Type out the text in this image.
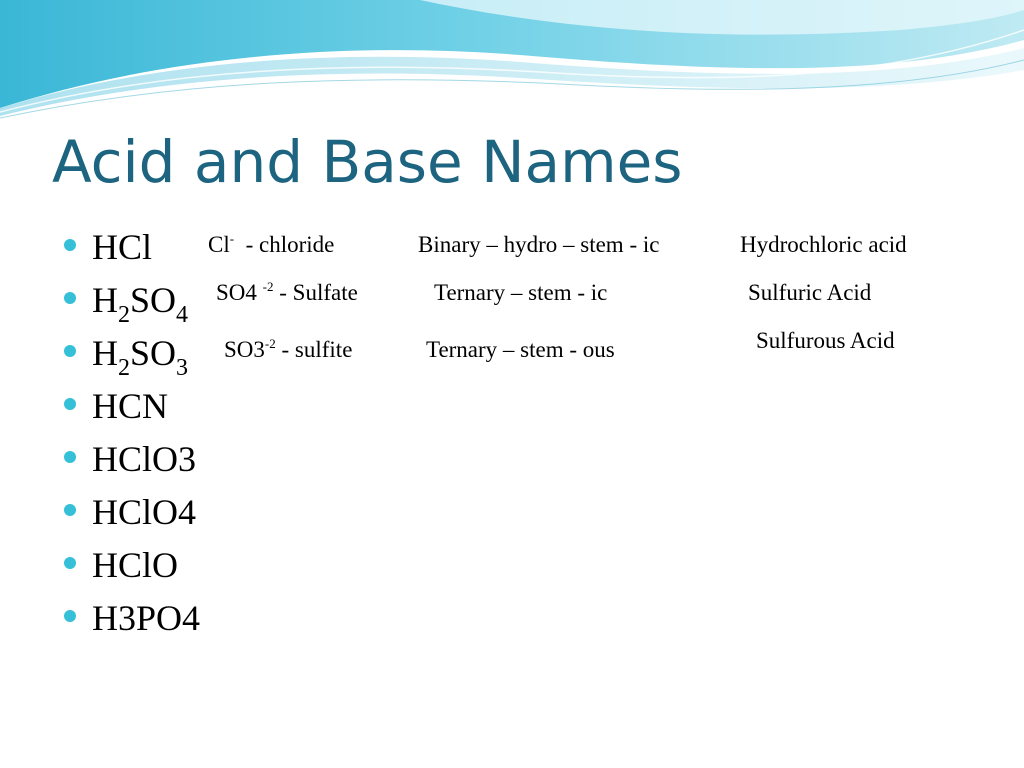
Acid and Base Names
HCl
$H_2SO_4$
$H_2SO_3$
HCN
HClO3
HClO4
HClO
H3PO4
Cl-  - chloride
SO4 $^{-2}$ - Sulfate
$SO3^{-2}$ - sulfite
Binary – hydro – stem - ic
Ternary – stem - ic
Ternary – stem - ous
Hydrochloric acid
Sulfuric Acid
Sulfurous Acid
